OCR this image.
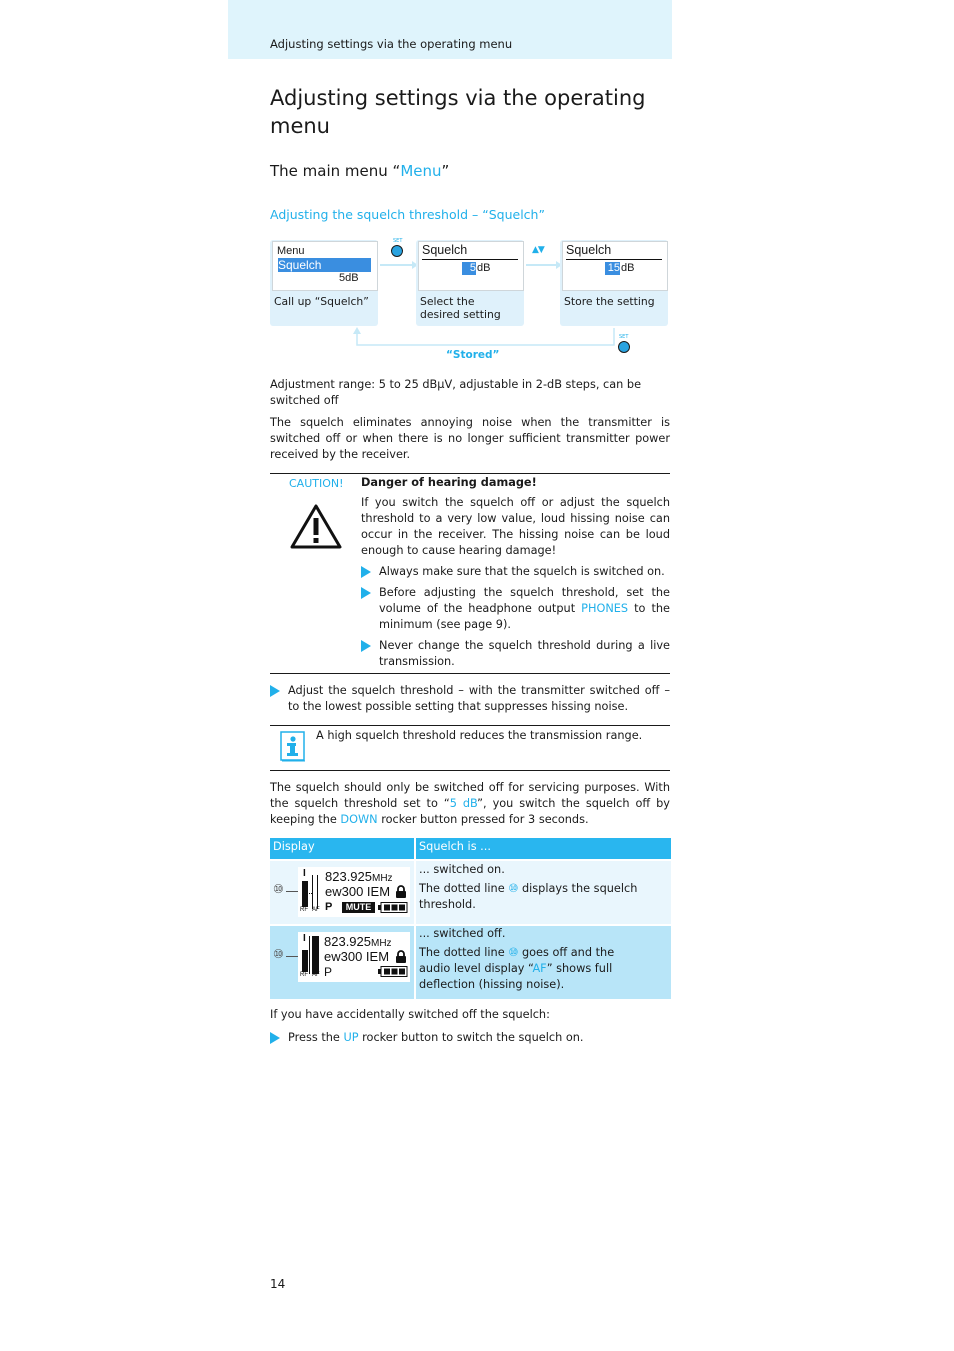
Adjusting settings via the operating menu
Adjusting settings via the operating menu
The main menu “Menu”
Adjusting the squelch threshold – “Squelch”
Menu
Squelch
5dB
Call up “Squelch”
SET
Squelch
5 dB
Select the
desired setting
▲▼ Squelch
15 dB
Store the setting
SET
“Stored”
Adjustment range: 5 to 25 dBµV, adjustable in 2-dB steps, can be switched off
The squelch eliminates annoying noise when the transmitter is switched off or when there is no longer sufficient transmitter power received by the receiver.
CAUTION! Danger of hearing damage!
If you switch the squelch off or adjust the squelch threshold to a very low value, loud hissing noise can occur in the receiver. The hissing noise can be loud enough to cause hearing damage!
Always make sure that the squelch is switched on.
Before adjusting the squelch threshold, set the volume of the headphone output PHONES to the minimum (see page 9).
Never change the squelch threshold during a live transmission.
Adjust the squelch threshold – with the transmitter switched off – to the lowest possible setting that suppresses hissing noise.
A high squelch threshold reduces the transmission range.
The squelch should only be switched off for servicing purposes. With the squelch threshold set to “5 dB”, you switch the squelch off by keeping the DOWN rocker button pressed for 3 seconds.
Display	Squelch is ...
⑩
I
RF AF
823.925MHz
ew300 IEM
P	MUTE
... switched on.
The dotted line ⑩ displays the squelch threshold.
⑩
I
RF AF
823.925MHz
ew300 IEM
P
... switched off.
The dotted line ⑩ goes off and the audio level display “AF” shows full deflection (hissing noise).
If you have accidentally switched off the squelch:
Press the UP rocker button to switch the squelch on.
14
